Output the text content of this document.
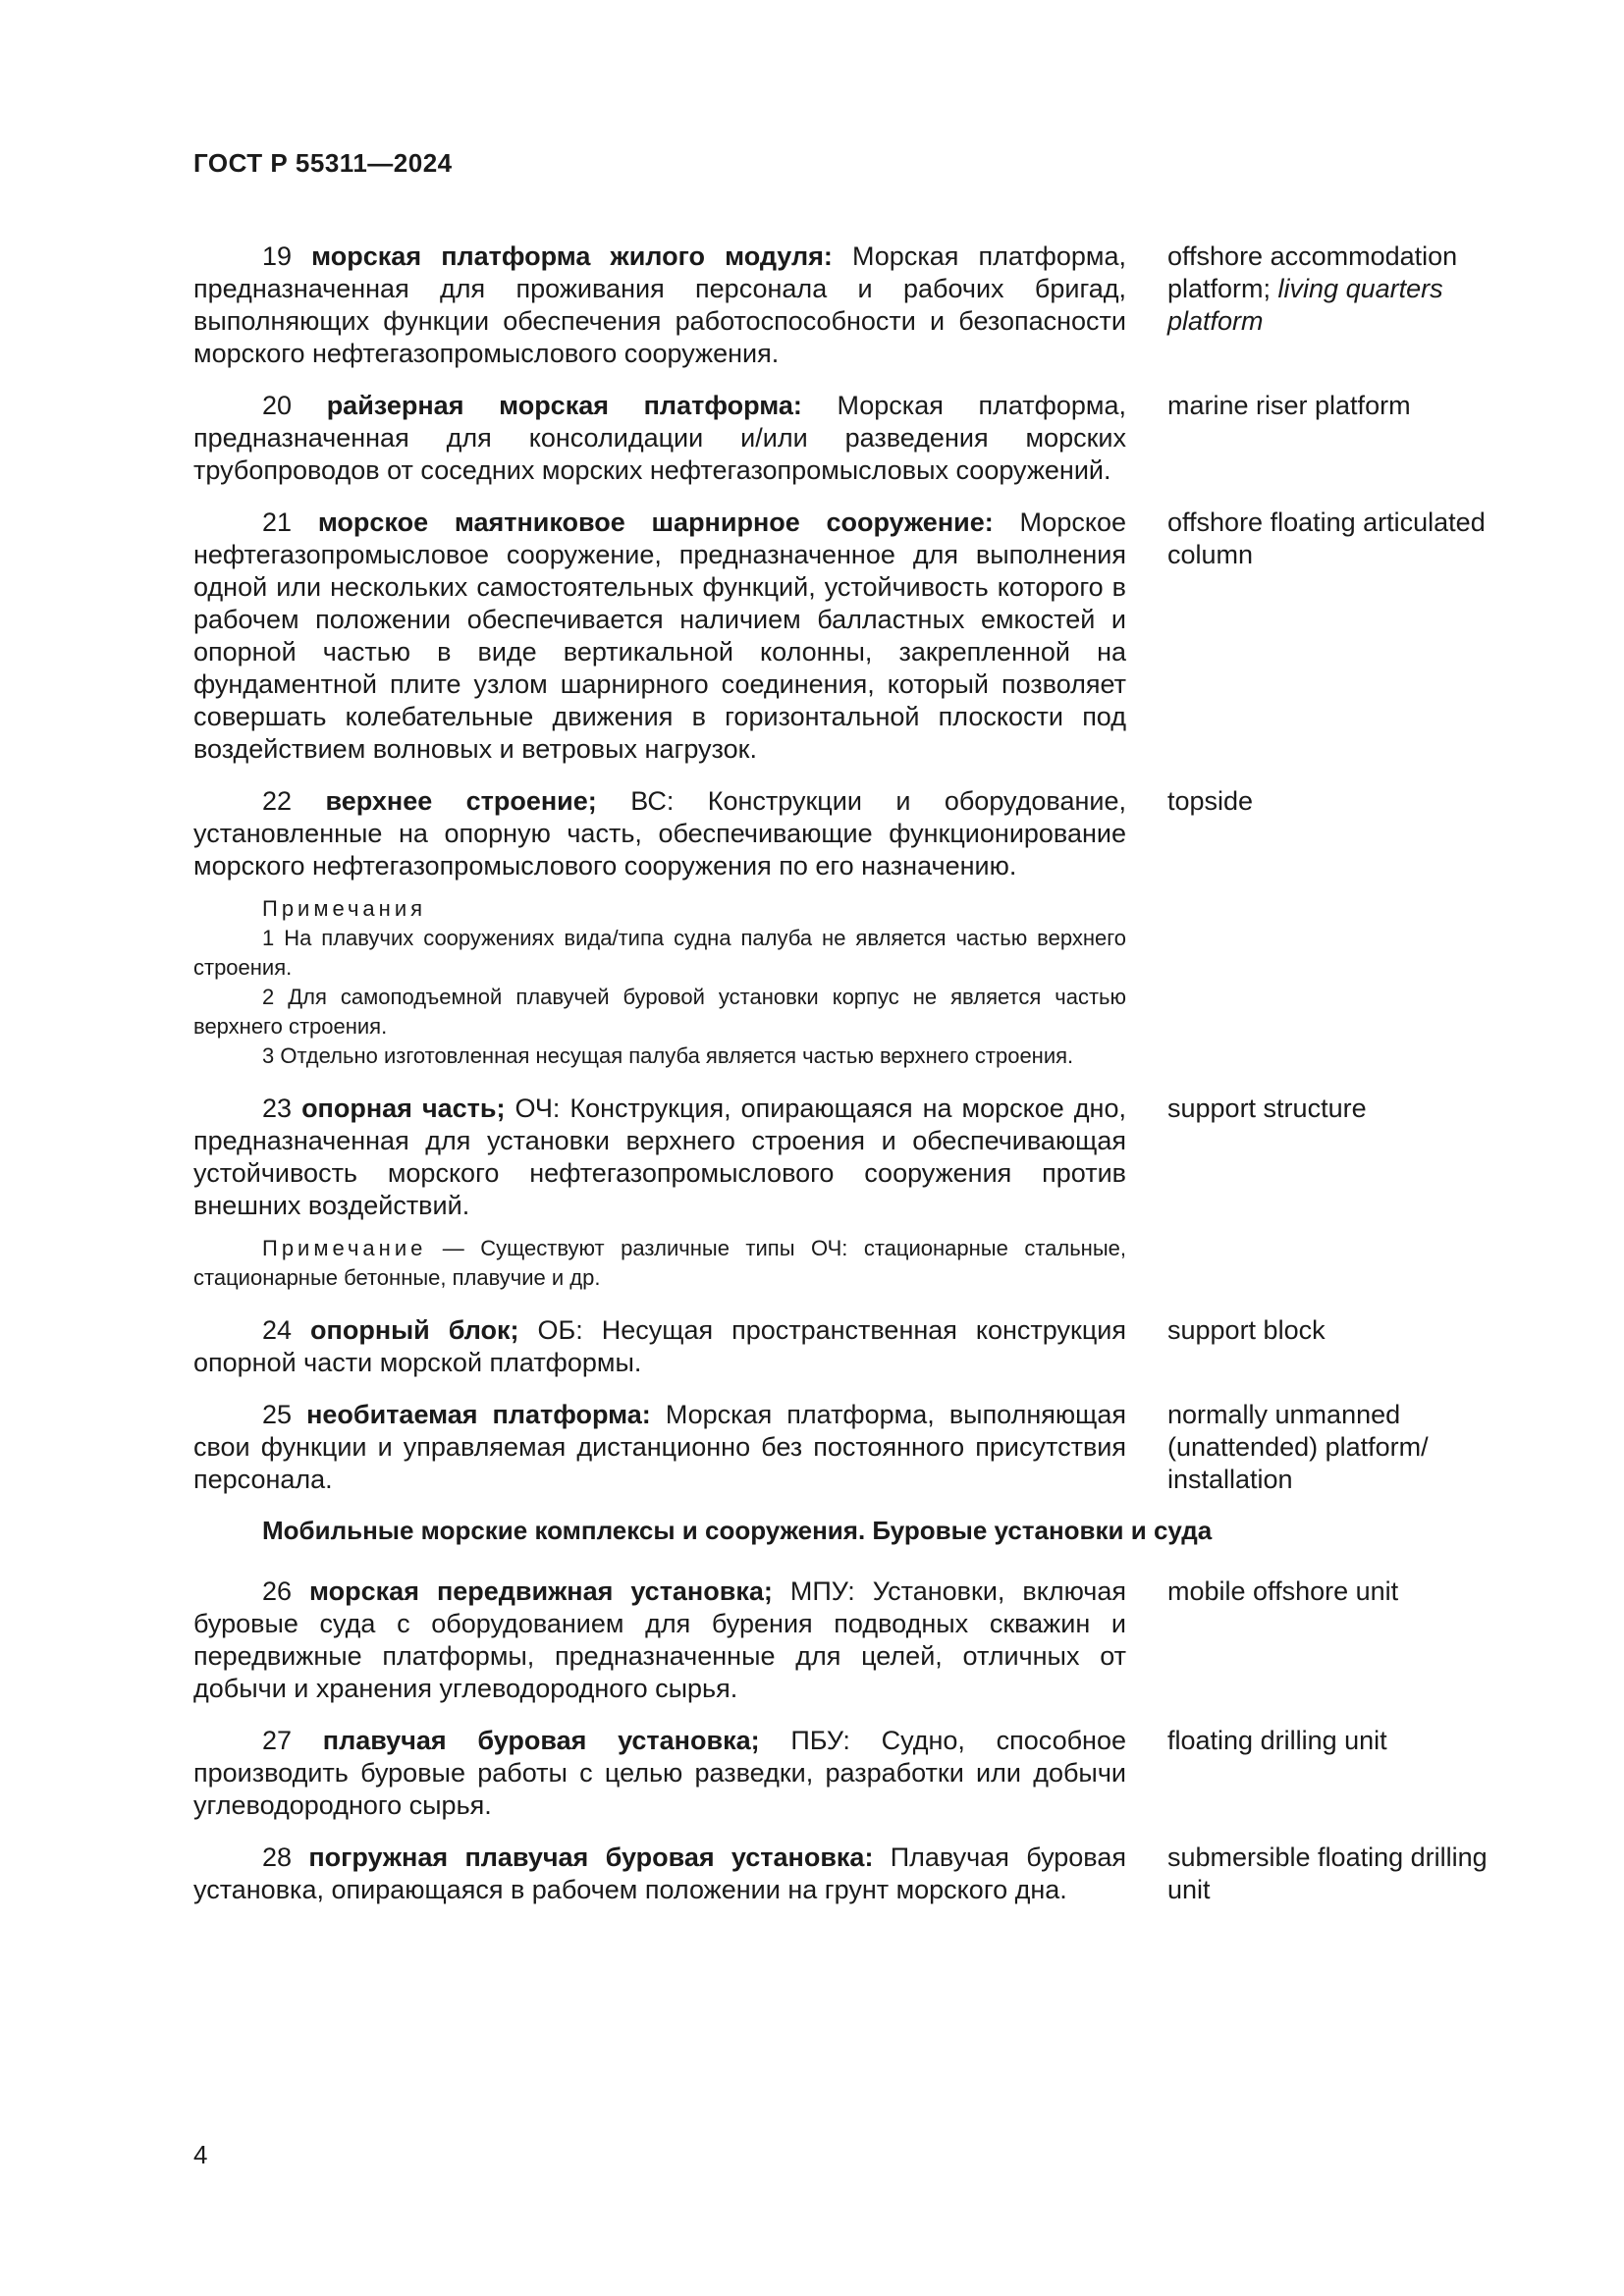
ГОСТ Р 55311—2024
19 морская платформа жилого модуля: Морская платформа, предназначенная для проживания персонала и рабочих бригад, выполняющих функции обеспечения работоспособности и безопасности морского нефтегазопромыслового сооружения.
offshore accommodation platform; living quarters platform
20 райзерная морская платформа: Морская платформа, предназначенная для консолидации и/или разведения морских трубопроводов от соседних морских нефтегазопромысловых сооружений.
marine riser platform
21 морское маятниковое шарнирное сооружение: Морское нефтегазопромысловое сооружение, предназначенное для выполнения одной или нескольких самостоятельных функций, устойчивость которого в рабочем положении обеспечивается наличием балластных емкостей и опорной частью в виде вертикальной колонны, закрепленной на фундаментной плите узлом шарнирного соединения, который позволяет совершать колебательные движения в горизонтальной плоскости под воздействием волновых и ветровых нагрузок.
offshore floating articulated column
22 верхнее строение; ВС: Конструкции и оборудование, установленные на опорную часть, обеспечивающие функционирование морского нефтегазопромыслового сооружения по его назначению.
topside

Примечания

1 На плавучих сооружениях вида/типа судна палуба не является частью верхнего строения.

2 Для самоподъемной плавучей буровой установки корпус не является частью верхнего строения.

3 Отдельно изготовленная несущая палуба является частью верхнего строения.

23 опорная часть; ОЧ: Конструкция, опирающаяся на морское дно, предназначенная для установки верхнего строения и обеспечивающая устойчивость морского нефтегазопромыслового сооружения против внешних воздействий.
support structure

Примечание — Существуют различные типы ОЧ: стационарные стальные, стационарные бетонные, плавучие и др.

24 опорный блок; ОБ: Несущая пространственная конструкция опорной части морской платформы.
support block
25 необитаемая платформа: Морская платформа, выполняющая свои функции и управляемая дистанционно без постоянного присутствия персонала.
normally unmanned (unattended) platform/ installation
Мобильные морские комплексы и сооружения. Буровые установки и суда
26 морская передвижная установка; МПУ: Установки, включая буровые суда с оборудованием для бурения подводных скважин и передвижные платформы, предназначенные для целей, отличных от добычи и хранения углеводородного сырья.
mobile offshore unit
27 плавучая буровая установка; ПБУ: Судно, способное производить буровые работы с целью разведки, разработки или добычи углеводородного сырья.
floating drilling unit
28 погружная плавучая буровая установка: Плавучая буровая установка, опирающаяся в рабочем положении на грунт морского дна.
submersible floating drilling unit
4
